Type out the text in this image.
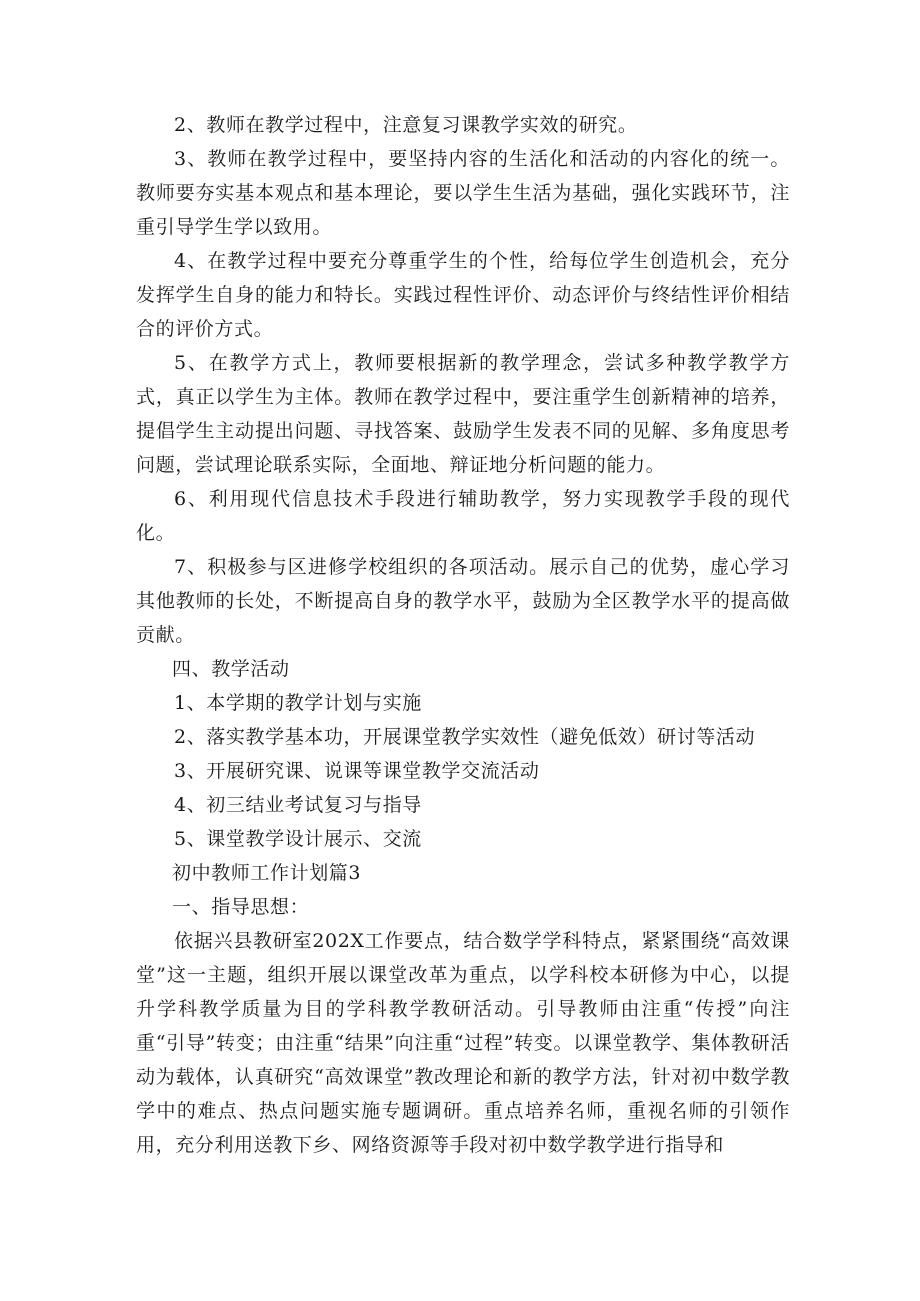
2、教师在教学过程中，注意复习课教学实效的研究。

3、教师在教学过程中，要坚持内容的生活化和活动的内容化的统一。教师要夯实基本观点和基本理论，要以学生生活为基础，强化实践环节，注重引导学生学以致用。

4、在教学过程中要充分尊重学生的个性，给每位学生创造机会，充分发挥学生自身的能力和特长。实践过程性评价、动态评价与终结性评价相结合的评价方式。

5、在教学方式上，教师要根据新的教学理念，尝试多种教学教学方式，真正以学生为主体。教师在教学过程中，要注重学生创新精神的培养，提倡学生主动提出问题、寻找答案、鼓励学生发表不同的见解、多角度思考问题，尝试理论联系实际，全面地、辩证地分析问题的能力。

6、利用现代信息技术手段进行辅助教学，努力实现教学手段的现代化。

7、积极参与区进修学校组织的各项活动。展示自己的优势，虚心学习其他教师的长处，不断提高自身的教学水平，鼓励为全区教学水平的提高做贡献。

四、教学活动

1、本学期的教学计划与实施

2、落实教学基本功，开展课堂教学实效性（避免低效）研讨等活动

3、开展研究课、说课等课堂教学交流活动

4、初三结业考试复习与指导

5、课堂教学设计展示、交流

初中教师工作计划篇3

一、指导思想：

依据兴县教研室202X工作要点，结合数学学科特点，紧紧围绕“高效课堂”这一主题，组织开展以课堂改革为重点，以学科校本研修为中心，以提升学科教学质量为目的学科教学教研活动。引导教师由注重“传授”向注重“引导”转变；由注重“结果”向注重“过程”转变。以课堂教学、集体教研活动为载体，认真研究“高效课堂”教改理论和新的教学方法，针对初中数学教学中的难点、热点问题实施专题调研。重点培养名师，重视名师的引领作用，充分利用送教下乡、网络资源等手段对初中数学教学进行指导和
